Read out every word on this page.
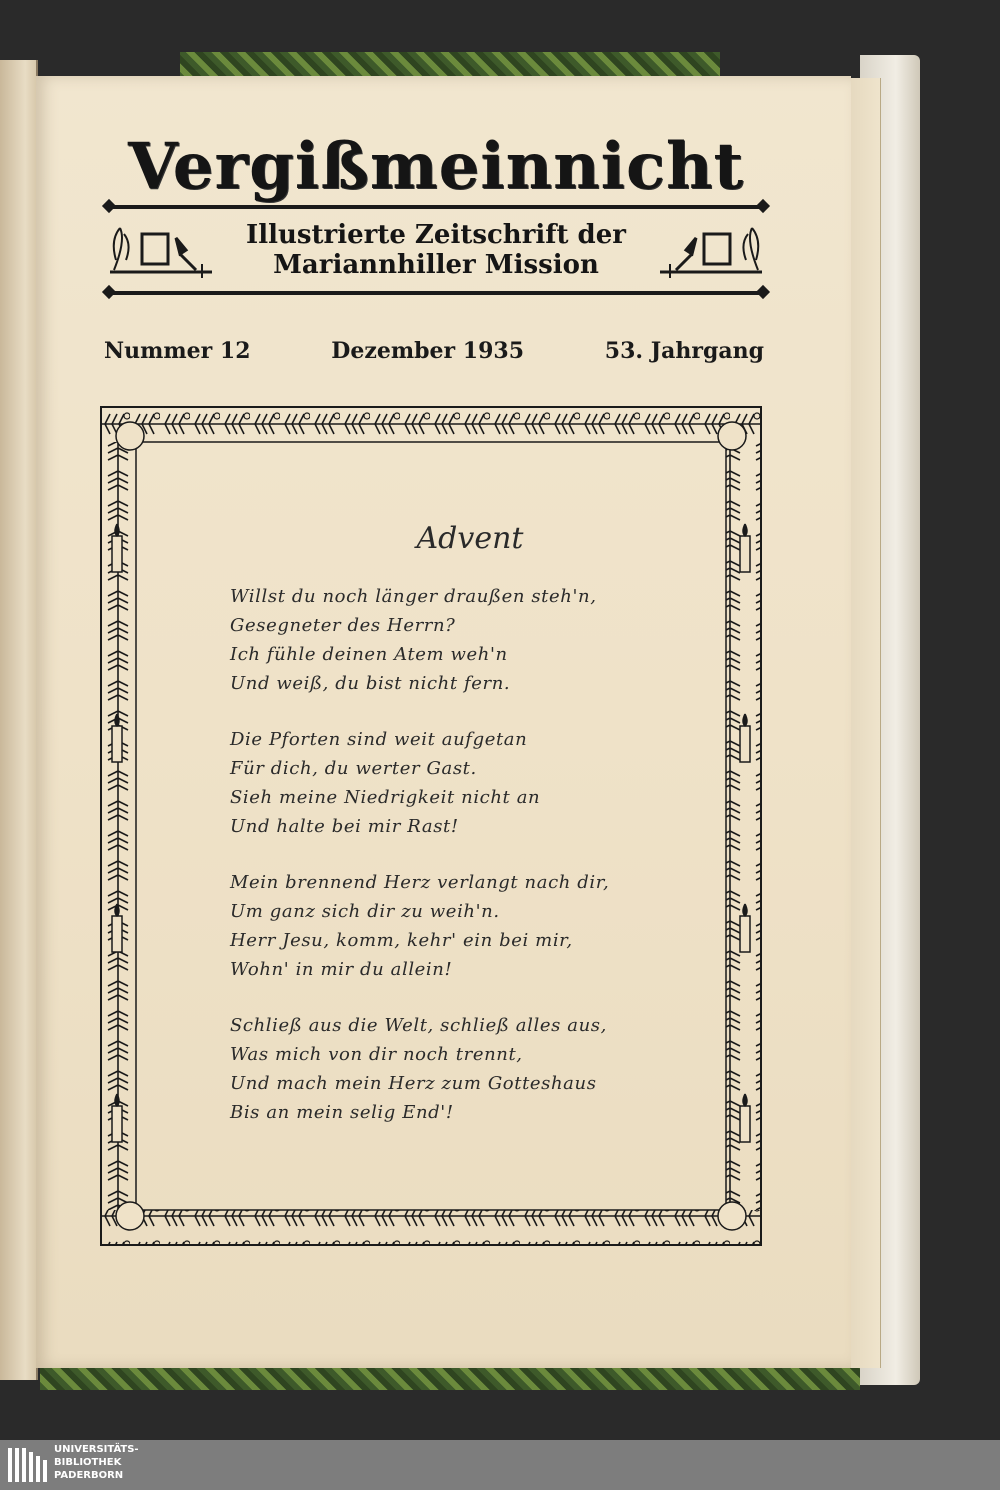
Vergißmeinnicht
Illustrierte Zeitschrift der
Mariannhiller Mission
Nummer 12	Dezember 1935	53. Jahrgang
Advent
Willst du noch länger draußen steh'n,
Gesegneter des Herrn?
Ich fühle deinen Atem weh'n
Und weiß, du bist nicht fern.
Die Pforten sind weit aufgetan
Für dich, du werter Gast.
Sieh meine Niedrigkeit nicht an
Und halte bei mir Rast!
Mein brennend Herz verlangt nach dir,
Um ganz sich dir zu weih'n.
Herr Jesu, komm, kehr' ein bei mir,
Wohn' in mir du allein!
Schließ aus die Welt, schließ alles aus,
Was mich von dir noch trennt,
Und mach mein Herz zum Gotteshaus
Bis an mein selig End'!
UNIVERSITÄTS-
BIBLIOTHEK
PADERBORN
